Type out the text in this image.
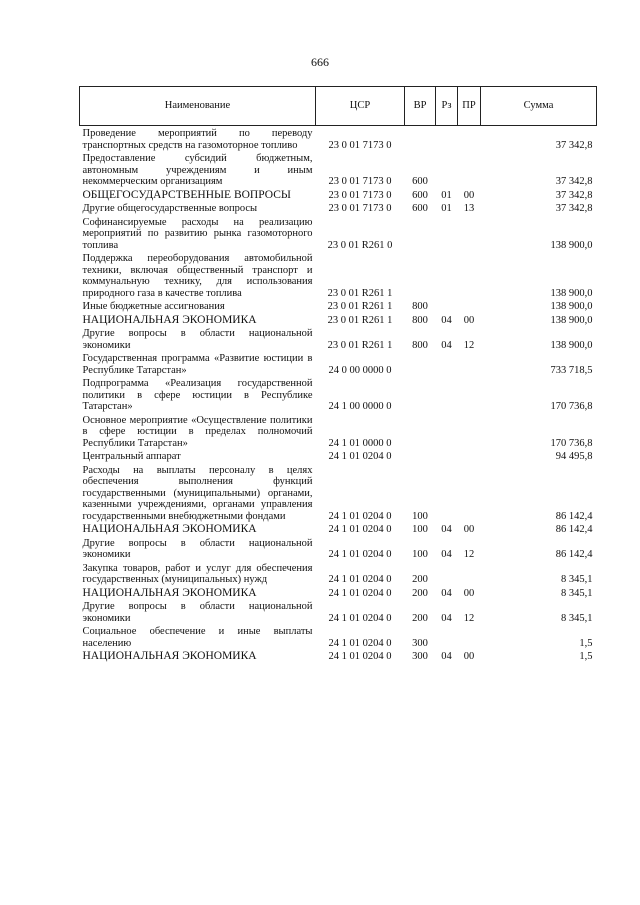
666
Наименование	ЦСР	ВР	Рз	ПР	Сумма
Проведение мероприятий по переводу транспортных средств на газомоторное топливо	23 0 01 7173 0				37 342,8
Предоставление субсидий бюджетным, автономным учреждениям и иным некоммерческим организациям	23 0 01 7173 0	600			37 342,8
ОБЩЕГОСУДАРСТВЕННЫЕ ВОПРОСЫ	23 0 01 7173 0	600	01	00	37 342,8
Другие общегосударственные вопросы	23 0 01 7173 0	600	01	13	37 342,8
Софинансируемые расходы на реализацию мероприятий по развитию рынка газомоторного топлива	23 0 01 R261 0				138 900,0
Поддержка переоборудования автомобильной техники, включая общественный транспорт и коммунальную технику, для использования природного газа в качестве топлива	23 0 01 R261 1				138 900,0
Иные бюджетные ассигнования	23 0 01 R261 1	800			138 900,0
НАЦИОНАЛЬНАЯ ЭКОНОМИКА	23 0 01 R261 1	800	04	00	138 900,0
Другие вопросы в области национальной экономики	23 0 01 R261 1	800	04	12	138 900,0
Государственная программа «Развитие юстиции в Республике Татарстан»	24 0 00 0000 0				733 718,5
Подпрограмма «Реализация государственной политики в сфере юстиции в Республике Татарстан»	24 1 00 0000 0				170 736,8
Основное мероприятие «Осуществление политики в сфере юстиции в пределах полномочий Республики Татарстан»	24 1 01 0000 0				170 736,8
Центральный аппарат	24 1 01 0204 0				94 495,8
Расходы на выплаты персоналу в целях обеспечения выполнения функций государственными (муниципальными) органами, казенными учреждениями, органами управления государственными внебюджетными фондами	24 1 01 0204 0	100			86 142,4
НАЦИОНАЛЬНАЯ ЭКОНОМИКА	24 1 01 0204 0	100	04	00	86 142,4
Другие вопросы в области национальной экономики	24 1 01 0204 0	100	04	12	86 142,4
Закупка товаров, работ и услуг для обеспечения государственных (муниципальных) нужд	24 1 01 0204 0	200			8 345,1
НАЦИОНАЛЬНАЯ ЭКОНОМИКА	24 1 01 0204 0	200	04	00	8 345,1
Другие вопросы в области национальной экономики	24 1 01 0204 0	200	04	12	8 345,1
Социальное обеспечение и иные выплаты населению	24 1 01 0204 0	300			1,5
НАЦИОНАЛЬНАЯ ЭКОНОМИКА	24 1 01 0204 0	300	04	00	1,5
